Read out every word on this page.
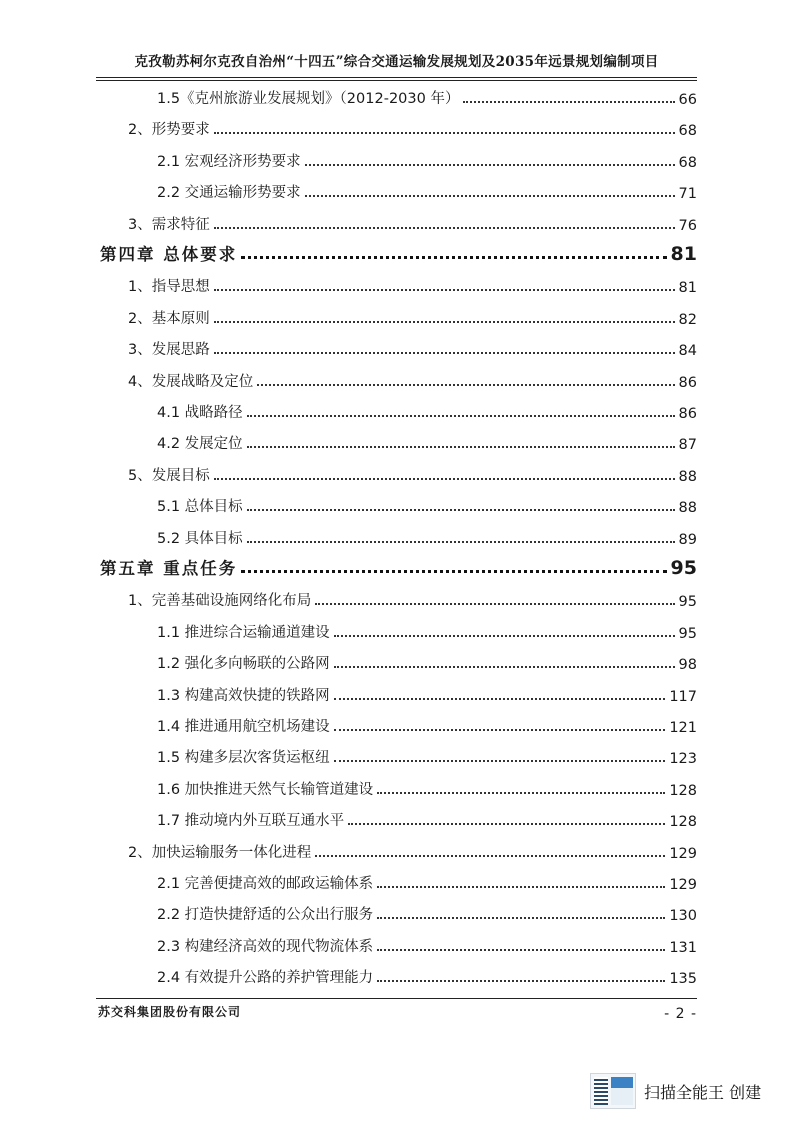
克孜勒苏柯尔克孜自治州“十四五”综合交通运输发展规划及2035年远景规划编制项目
1.5《克州旅游业发展规划》（2012-2030 年）	66
2、形势要求	68
2.1 宏观经济形势要求	68
2.2 交通运输形势要求	71
3、需求特征	76
第四章 总体要求	81
1、指导思想	81
2、基本原则	82
3、发展思路	84
4、发展战略及定位	86
4.1 战略路径	86
4.2 发展定位	87
5、发展目标	88
5.1 总体目标	88
5.2 具体目标	89
第五章 重点任务	95
1、完善基础设施网络化布局	95
1.1 推进综合运输通道建设	95
1.2 强化多向畅联的公路网	98
1.3 构建高效快捷的铁路网	117
1.4 推进通用航空机场建设	121
1.5 构建多层次客货运枢纽	123
1.6 加快推进天然气长输管道建设	128
1.7 推动境内外互联互通水平	128
2、加快运输服务一体化进程	129
2.1 完善便捷高效的邮政运输体系	129
2.2 打造快捷舒适的公众出行服务	130
2.3 构建经济高效的现代物流体系	131
2.4 有效提升公路的养护管理能力	135
苏交科集团股份有限公司	- 2 -
扫描全能王 创建
